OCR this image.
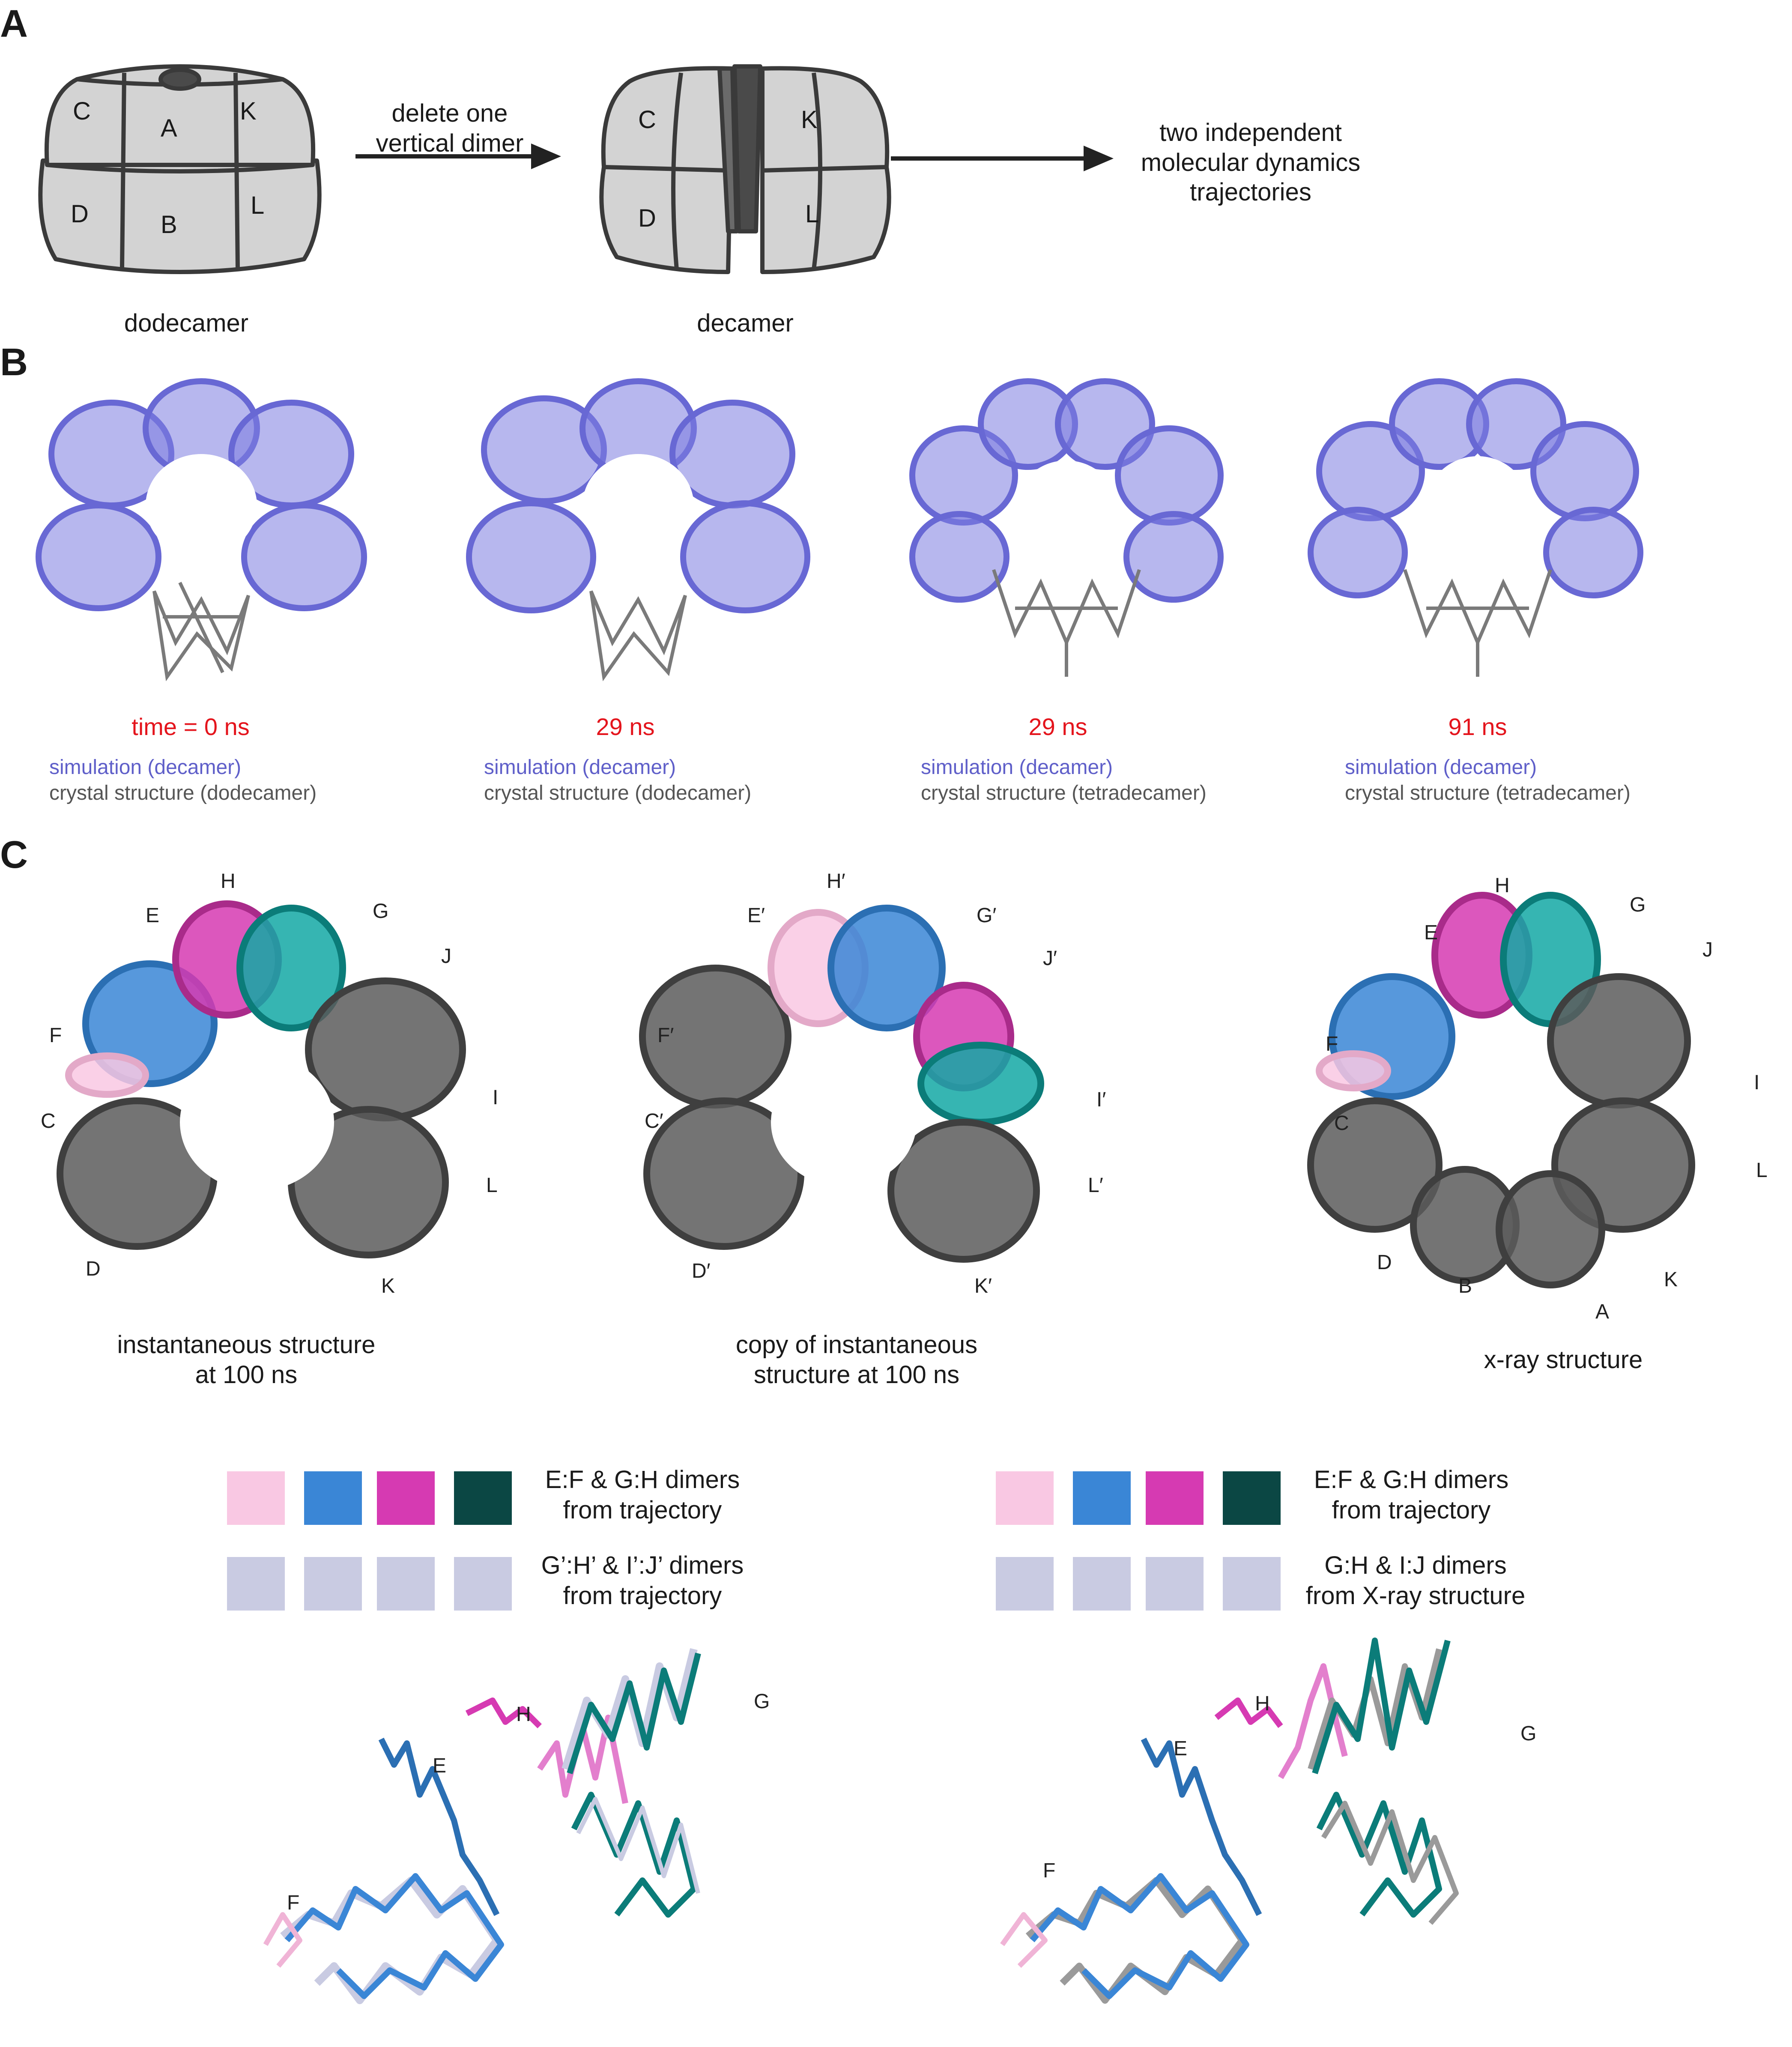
A
C
A
K
D	B
L
delete one
vertical dimer
C	K
D	L
two independent
molecular dynamics
trajectories
dodecamer	decamer
B
time = 0 ns	29 ns	29 ns	91 ns
simulation (decamer)
crystal structure (dodecamer)
simulation (decamer)
crystal structure (dodecamer)
simulation (decamer)
crystal structure (tetradecamer)
simulation (decamer)
crystal structure (tetradecamer)
C
E
H
G
J
F
I
C
L
D
K
instantaneous structure
at 100 ns
E′
H′
G′
J′
F′
I′
C′
L′
D′
K′
copy of instantaneous
structure at 100 ns
E
H
G
J
F
I
C
L
D
K
B
A
x-ray structure
E:F & G:H dimers
from trajectory
G’:H’ & I’:J’ dimers
from trajectory
E:F & G:H dimers
from trajectory
G:H & I:J dimers
from X-ray structure
H
G
E
F
H
G
E
F
